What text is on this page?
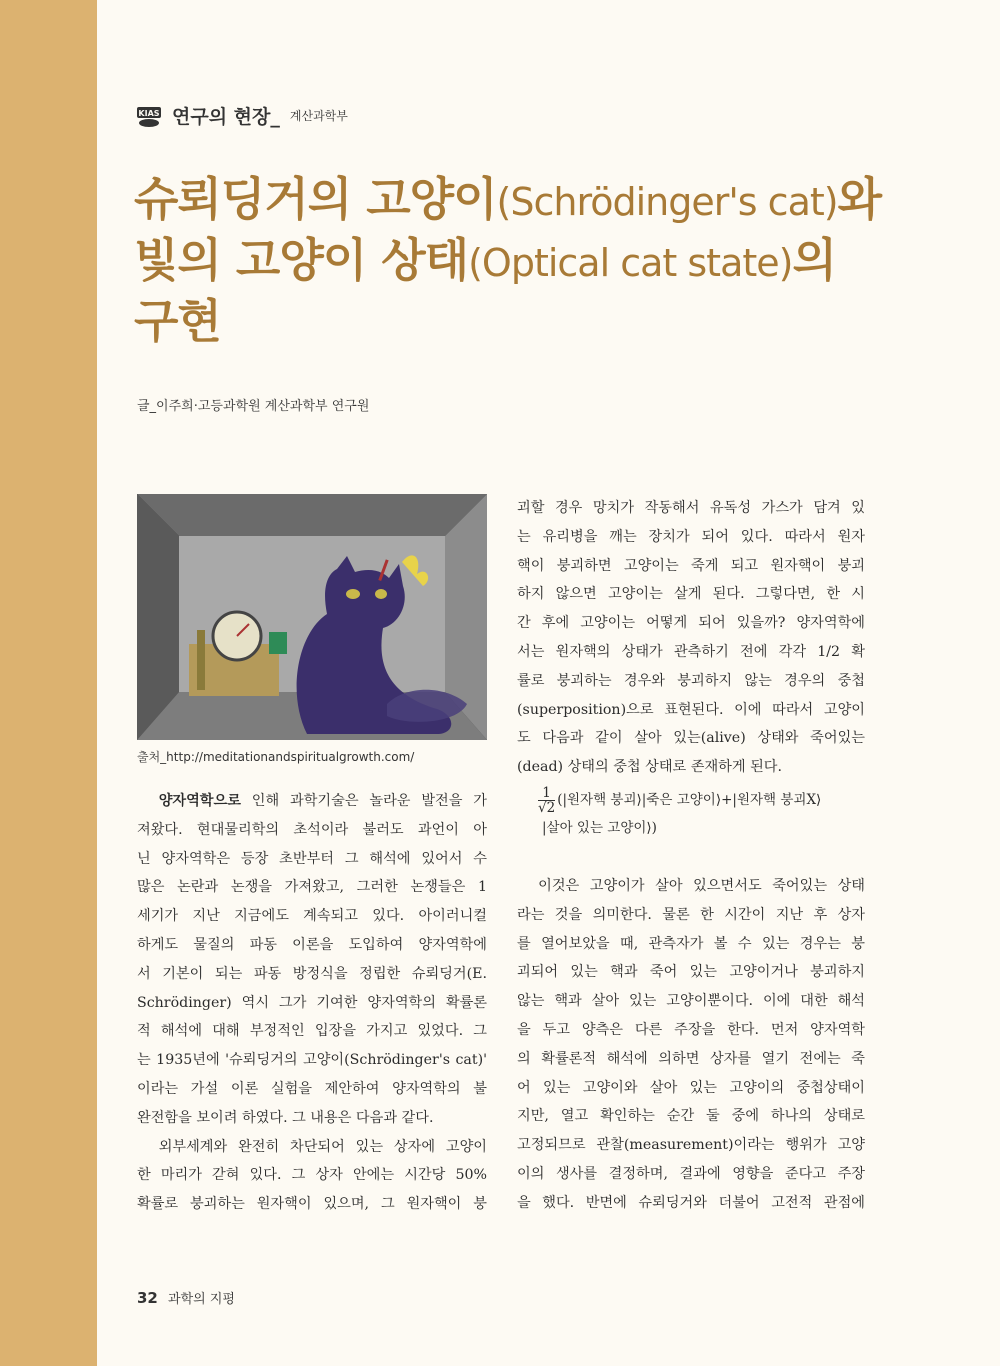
KIAS 연구의 현장_ 계산과학부
슈뢰딩거의 고양이(Schrödinger's cat)와
빛의 고양이 상태(Optical cat state)의
구현
글_이주희·고등과학원 계산과학부 연구원
출처_http://meditationandspiritualgrowth.com/

양자역학으로 인해 과학기술은 놀라운 발전을 가
져왔다. 현대물리학의 초석이라 불러도 과언이 아
닌 양자역학은 등장 초반부터 그 해석에 있어서 수
많은 논란과 논쟁을 가져왔고, 그러한 논쟁들은 1
세기가 지난 지금에도 계속되고 있다. 아이러니컬
하게도 물질의 파동 이론을 도입하여 양자역학에
서 기본이 되는 파동 방정식을 정립한 슈뢰딩거(E.
Schrödinger) 역시 그가 기여한 양자역학의 확률론
적 해석에 대해 부정적인 입장을 가지고 있었다. 그
는 1935년에 '슈뢰딩거의 고양이(Schrödinger's cat)'
이라는 가설 이론 실험을 제안하여 양자역학의 불
완전함을 보이려 하였다. 그 내용은 다음과 같다.

외부세계와 완전히 차단되어 있는 상자에 고양이
한 마리가 갇혀 있다. 그 상자 안에는 시간당 50%
확률로 붕괴하는 원자핵이 있으며, 그 원자핵이 붕

괴할 경우 망치가 작동해서 유독성 가스가 담겨 있
는 유리병을 깨는 장치가 되어 있다. 따라서 원자
핵이 붕괴하면 고양이는 죽게 되고 원자핵이 붕괴
하지 않으면 고양이는 살게 된다. 그렇다면, 한 시
간 후에 고양이는 어떻게 되어 있을까? 양자역학에
서는 원자핵의 상태가 관측하기 전에 각각 1/2 확
률로 붕괴하는 경우와 붕괴하지 않는 경우의 중첩
(superposition)으로 표현된다. 이에 따라서 고양이
도 다음과 같이 살아 있는(alive) 상태와 죽어있는
(dead) 상태의 중첩 상태로 존재하게 된다.
$\frac{1}{√2}$ (|원자핵 붕괴⟩|죽은 고양이⟩+|원자핵 붕괴X⟩
|살아 있는 고양이⟩)
이것은 고양이가 살아 있으면서도 죽어있는 상태
라는 것을 의미한다. 물론 한 시간이 지난 후 상자
를 열어보았을 때, 관측자가 볼 수 있는 경우는 붕
괴되어 있는 핵과 죽어 있는 고양이거나 붕괴하지
않는 핵과 살아 있는 고양이뿐이다. 이에 대한 해석
을 두고 양측은 다른 주장을 한다. 먼저 양자역학
의 확률론적 해석에 의하면 상자를 열기 전에는 죽
어 있는 고양이와 살아 있는 고양이의 중첩상태이
지만, 열고 확인하는 순간 둘 중에 하나의 상태로
고정되므로 관찰(measurement)이라는 행위가 고양
이의 생사를 결정하며, 결과에 영향을 준다고 주장
을 했다. 반면에 슈뢰딩거와 더불어 고전적 관점에
32 과학의 지평
